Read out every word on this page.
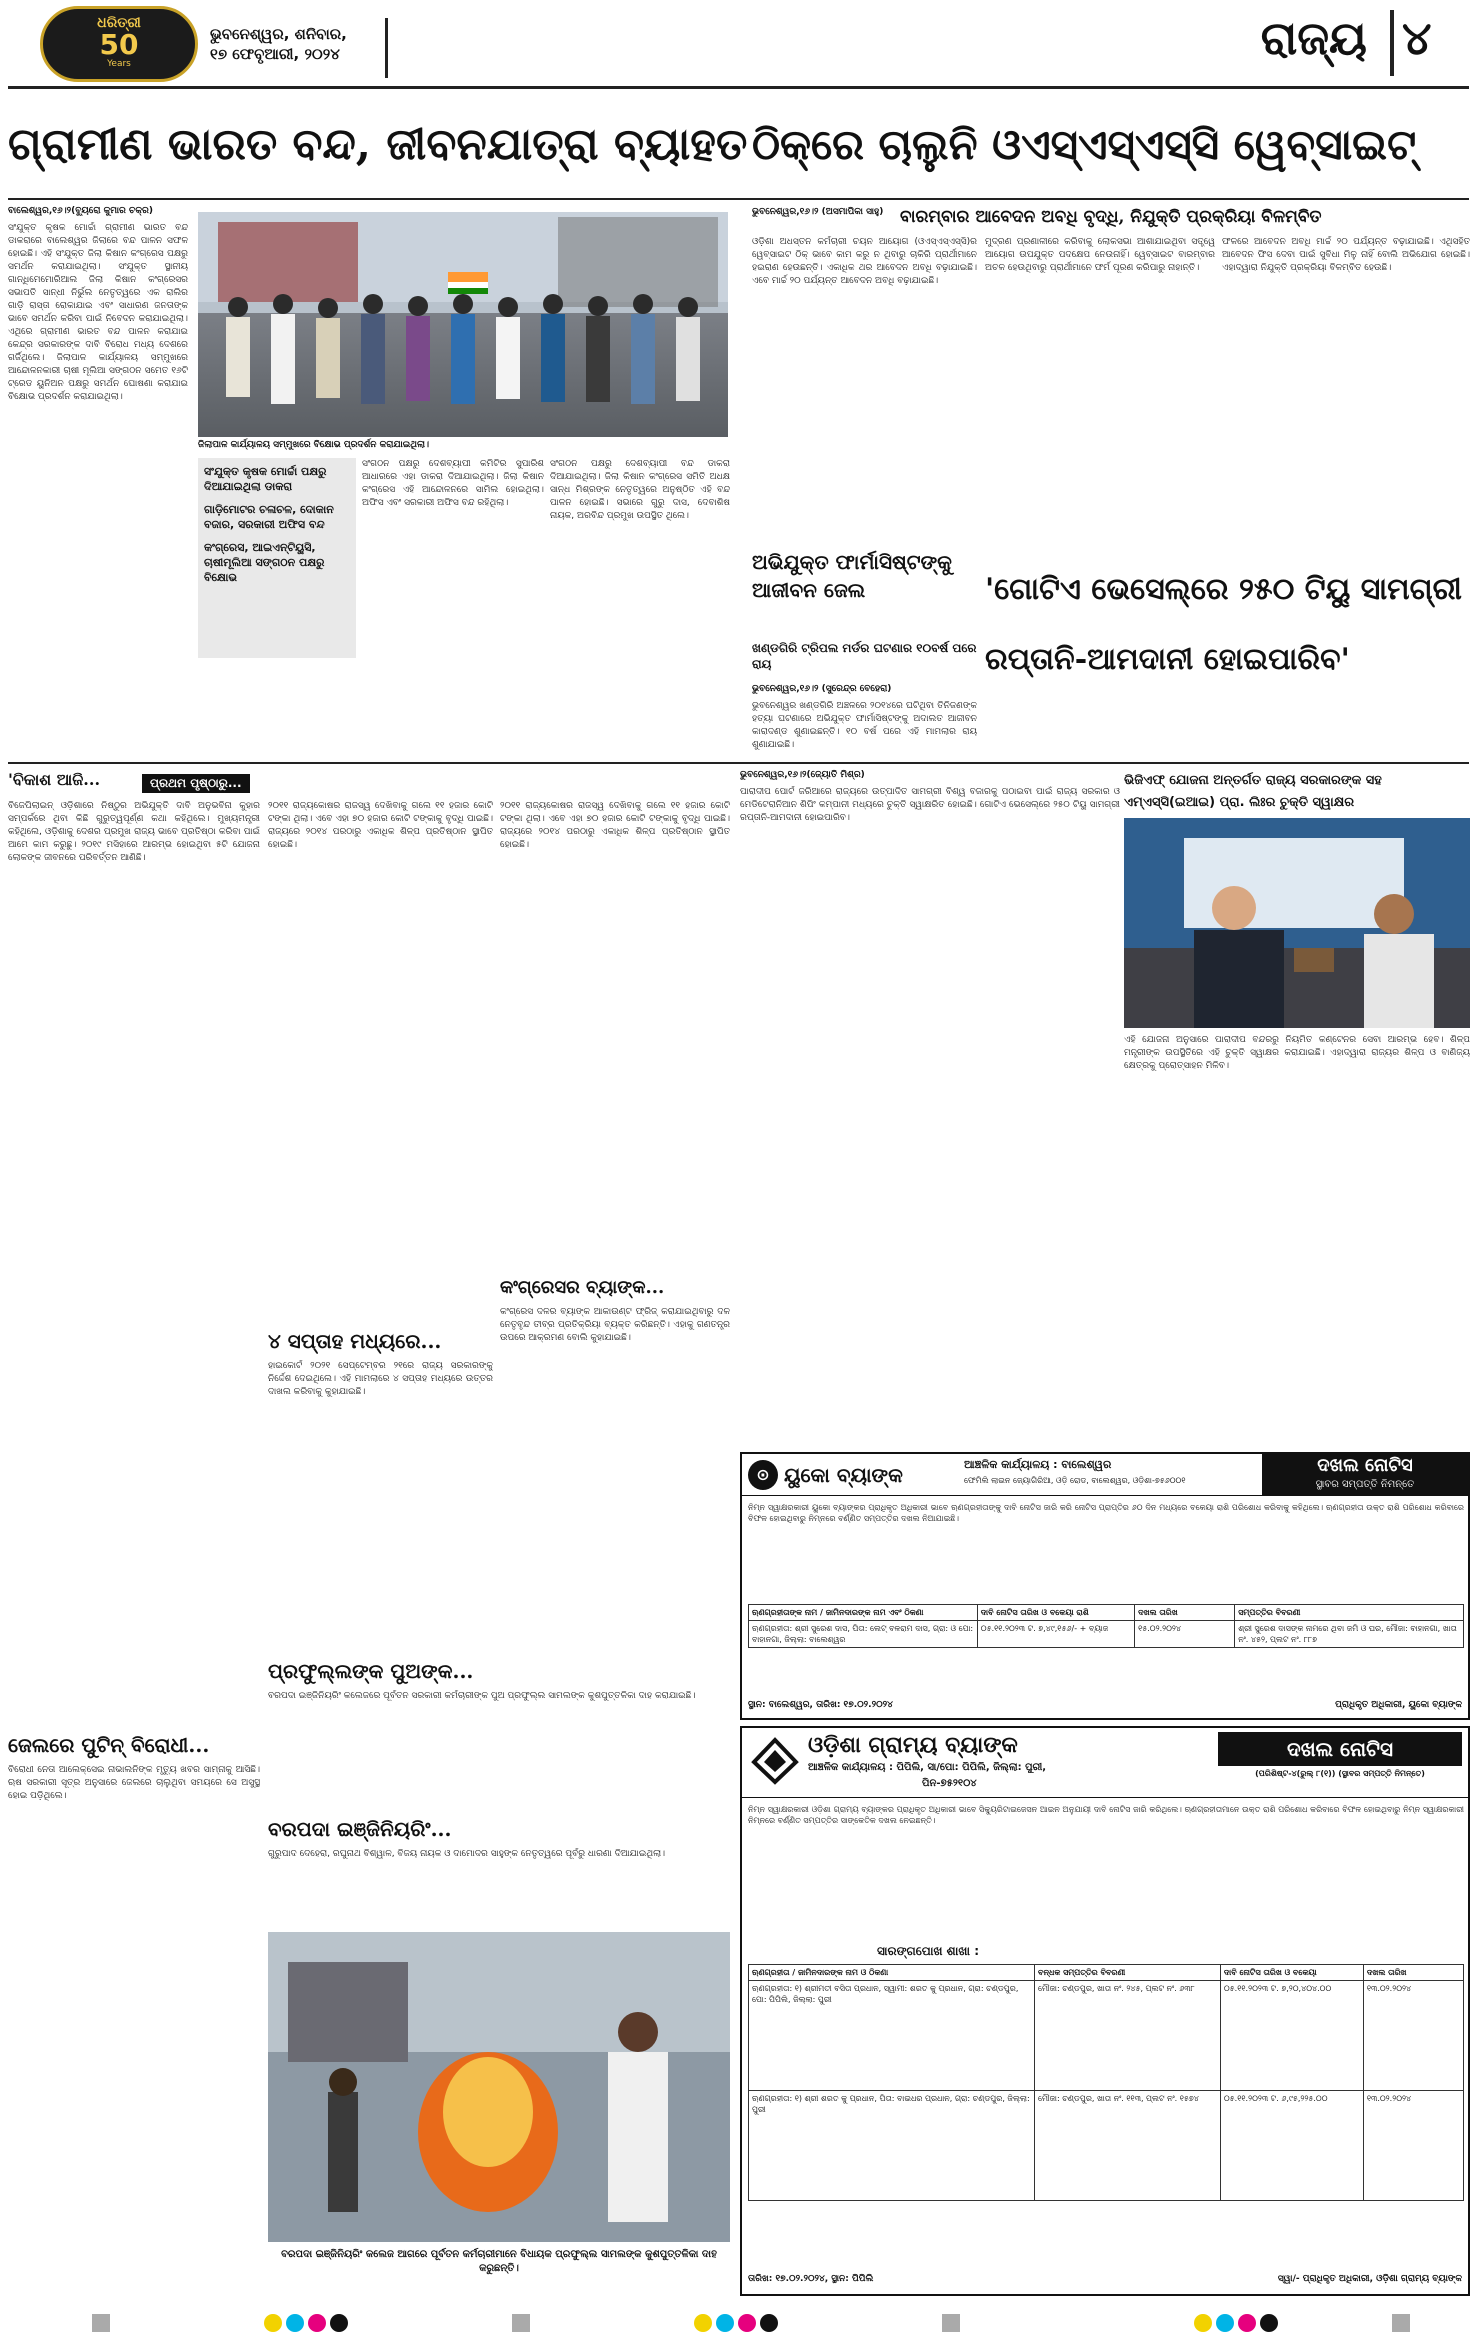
ଧରିତ୍ରୀ
50
Years
ଭୁବନେଶ୍ୱର, ଶନିବାର,
୧୭ ଫେବୃଆରୀ, ୨୦୨୪	ରାଜ୍ୟ ୪
ଗ୍ରାମୀଣ ଭାରତ ବନ୍ଦ, ଜୀବନଯାତ୍ରା ବ୍ୟାହତ ଠିକ୍‌ରେ ଚାଲୁନି ଓଏସ୍‌ଏସ୍‌ଏସ୍‌ସି ୱେବ୍‌ସାଇଟ୍
ବାଲେଶ୍ୱର,୧୬।୨(ବ୍ୟୁରୋ କୁମାର ଚକ୍ର)
ସଂଯୁକ୍ତ କୃଷକ ମୋର୍ଚ୍ଚା ଗ୍ରାମୀଣ ଭାରତ ବନ୍ଦ ଡାକରାରେ ବାଲେଶ୍ୱର ଜିଲାରେ ବନ୍ଦ ପାଳନ ସଫଳ ହୋଇଛି। ଏହି ସଂଯୁକ୍ତ ଜିଲା କିଷାନ କଂଗ୍ରେସ ପକ୍ଷରୁ ସମର୍ଥନ କରାଯାଇଥିଲା। ସଂଯୁକ୍ତ ସ୍ଥାନୀୟ ଗାନ୍ଧିମେମୋରିଆଲ ଜିଲା କିଷାନ କଂଗ୍ରେସର ସଭାପତି ସାନ୍ଧୀ ନିର୍ଭୁଲ ନେତୃତ୍ୱରେ ଏକ ରାଲିର ଗାଡ଼ି ରାସ୍ତା ରୋକାଯାଇ ଏବଂ ସାଧାରଣ ଜନତାଙ୍କ ଭାବେ ସମର୍ଥନ କରିବା ପାଇଁ ନିବେଦନ କରାଯାଇଥିଲା। ଏଥିରେ ଗ୍ରାମୀଣ ଭାରତ ବନ୍ଦ ପାଳନ କରାଯାଇ କେନ୍ଦ୍ର ସରକାରଙ୍କ ଦାବି ବିରୋଧ ମଧ୍ୟ ଦେଶରେ ଗର୍ଜିଥିଲେ। ଜିଲାପାଳ କାର୍ଯ୍ୟାଳୟ ସମ୍ମୁଖରେ ଆନ୍ଦୋଳନକାରୀ ଚାଷୀ ମୂଲିଆ ସଙ୍ଗଠନ ସମେତ ୧୬ଟି ଟ୍ରେଡ ୟୁନିଅନ ପକ୍ଷରୁ ସମର୍ଥନ ଘୋଷଣା କରାଯାଇ ବିକ୍ଷୋଭ ପ୍ରଦର୍ଶନ କରାଯାଇଥିଲା।
ଜିଲାପାଳ କାର୍ଯ୍ୟାଳୟ ସମ୍ମୁଖରେ ବିକ୍ଷୋଭ ପ୍ରଦର୍ଶନ କରାଯାଇଥିଲା।
ସଂଯୁକ୍ତ କୃଷକ ମୋର୍ଚ୍ଚା ପକ୍ଷରୁ ଦିଆଯାଇଥିଲା ଡାକରା
ଗାଡ଼ିମୋଟର ଚଳାଚଳ, ଦୋକାନ ବଜାର, ସରକାରୀ ଅଫିସ ବନ୍ଦ
କଂଗ୍ରେସ, ଆଇଏନ୍‌ଟିୟୁସି, ଚାଷୀମୂଲିଆ ସଙ୍ଗଠନ ପକ୍ଷରୁ ବିକ୍ଷୋଭ
ସଂଗଠନ ପକ୍ଷରୁ ଦେଶବ୍ୟାପୀ କମିଟିର ସୁପାରିଶ ଆଧାରରେ ଏହା ଡାକରା ଦିଆଯାଇଥିଲା। ଜିଲା କିଷାନ କଂଗ୍ରେସ ଏହି ଆନ୍ଦୋଳନରେ ସାମିଲ ହୋଇଥିଲା। ଅଫିସ ଏବଂ ସରକାରୀ ଅଫିସ ବନ୍ଦ ରହିଥିଲା।
ସଂଗଠନ ପକ୍ଷରୁ ଦେଶବ୍ୟାପୀ ବନ୍ଦ ଡାକରା ଦିଆଯାଇଥିଲା। ଜିଲା କିଷାନ କଂଗ୍ରେସ ସମିତି ଅଧକ୍ଷ ସାନ୍ଧ ମିଶ୍ରଙ୍କ ନେତୃତ୍ୱରେ ଅନୁଷ୍ଠିତ ଏହି ବନ୍ଦ ପାଳନ ହୋଇଛି। ସଭାରେ ଗୁରୁ ଦାସ, ଦେବାଶିଷ ନାୟକ, ଅରବିନ୍ଦ ପ୍ରମୁଖ ଉପସ୍ଥିତ ଥିଲେ।
ଭୁବନେଶ୍ୱର,୧୬।୨ (ଅସମାପିକା ସାହୁ) ବାରମ୍ବାର ଆବେଦନ ଅବଧି ବୃଦ୍ଧି, ନିଯୁକ୍ତି ପ୍ରକ୍ରିୟା ବିଳମ୍ବିତ
ଓଡ଼ିଶା ଅଧସ୍ତନ କର୍ମଚାରୀ ଚୟନ ଆୟୋଗ (ଓଏସ୍‌ଏସ୍‌ଏସ୍‌ସି)ର ୱେବ୍‌ସାଇଟ ଠିକ୍ ଭାବେ କାମ କରୁ ନ ଥିବାରୁ ଚାକିରି ପ୍ରାର୍ଥୀମାନେ ହଇରାଣ ହେଉଛନ୍ତି। ଏକାଧିକ ଥର ଆବେଦନ ଅବଧି ବଢ଼ାଯାଇଛି। ଏବେ ମାର୍ଚ୍ଚ ୨୦ ପର୍ଯ୍ୟନ୍ତ ଆବେଦନ ଅବଧି ବଢ଼ାଯାଇଛି।
ମୁଦ୍ରଣ ପ୍ରଣାଳୀରେ କରିବାକୁ ଲୋକସଭା ଆଶାଯାଇଥିବା ସତ୍ତ୍ୱେ ଆୟୋଗ ଉପଯୁକ୍ତ ପଦକ୍ଷେପ ନେଉନାହିଁ। ୱେବ୍‌ସାଇଟ ବାରମ୍ବାର ଅଚଳ ହେଉଥିବାରୁ ପ୍ରାର୍ଥୀମାନେ ଫର୍ମ ପୂରଣ କରିପାରୁ ନାହାନ୍ତି।
ଫଳରେ ଆବେଦନ ଅବଧି ମାର୍ଚ୍ଚ ୨୦ ପର୍ଯ୍ୟନ୍ତ ବଢ଼ାଯାଇଛି। ଏଥିସହିତ ଆବେଦନ ଫିସ ଦେବା ପାଇଁ ସୁବିଧା ମିଳୁ ନାହିଁ ବୋଲି ଅଭିଯୋଗ ହୋଇଛି। ଏହାଦ୍ୱାରା ନିଯୁକ୍ତି ପ୍ରକ୍ରିୟା ବିଳମ୍ବିତ ହେଉଛି।
ଅଭିଯୁକ୍ତ ଫାର୍ମାସିଷ୍ଟଙ୍କୁ ଆଜୀବନ ଜେଲ
ଖଣ୍ଡଗିରି ଟ୍ରିପଲ ମର୍ଡର ଘଟଣାର ୧୦ବର୍ଷ ପରେ ରାୟ
ଭୁବନେଶ୍ୱର,୧୬।୨ (ସୁରେନ୍ଦ୍ର ବେହେରା)
ଭୁବନେଶ୍ୱର ଖଣ୍ଡଗିରି ଅଞ୍ଚଳରେ ୨୦୧୪ରେ ଘଟିଥିବା ତିନିଜଣଙ୍କ ହତ୍ୟା ଘଟଣାରେ ଅଭିଯୁକ୍ତ ଫାର୍ମାସିଷ୍ଟଙ୍କୁ ଅଦାଲତ ଆଜୀବନ କାରାଦଣ୍ଡ ଶୁଣାଇଛନ୍ତି। ୧୦ ବର୍ଷ ପରେ ଏହି ମାମଲାର ରାୟ ଶୁଣାଯାଇଛି।
'ଗୋଟିଏ ଭେସେଲ୍‌ରେ ୨୫୦ ଟିୟୁ ସାମଗ୍ରୀ
ରପ୍ତାନି-ଆମଦାନୀ ହୋଇପାରିବ'
'ବିକାଶ ଆଜି...	ପ୍ରଥମ ପୃଷ୍ଠାରୁ...
ବିଜେପିଲାଇନ୍ ଓଡ଼ିଶାରେ ନିଷ୍ଠୁର ଅଭିଯୁକ୍ତି ଦାବି ଅନୁଭବିନା କୁହାର ସମ୍ପର୍କରେ ଥିବା କିଛି ଗୁରୁତ୍ୱପୂର୍ଣ୍ଣ କଥା କହିଥିଲେ। ମୁଖ୍ୟମନ୍ତ୍ରୀ କହିଥିଲେ, ଓଡ଼ିଶାକୁ ଦେଶର ପ୍ରମୁଖ ରାଜ୍ୟ ଭାବେ ପ୍ରତିଷ୍ଠା କରିବା ପାଇଁ ଆମେ କାମ କରୁଛୁ। ୨୦୧୯ ମସିହାରେ ଆରମ୍ଭ ହୋଇଥିବା ୫ଟି ଯୋଜନା ଲୋକଙ୍କ ଜୀବନରେ ପରିବର୍ତ୍ତନ ଆଣିଛି।
ଜେଲରେ ପୁଟିନ୍ ବିରୋଧୀ...
ବିରୋଧୀ ନେତା ଆଲେକ୍ସେଇ ନାଭାଲନିଙ୍କ ମୃତ୍ୟୁ ଖବର ସାମ୍ନାକୁ ଆସିଛି। ଋଷ ସରକାରୀ ସୂତ୍ର ଅନୁସାରେ ଜେଲରେ ଚାଲୁଥିବା ସମୟରେ ସେ ଅସୁସ୍ଥ ହୋଇ ପଡ଼ିଥିଲେ।
୨୦୧୧ ରାଜ୍ୟକୋଷର ରାଜସ୍ୱ ଦେଖିବାକୁ ଗଲେ ୧୧ ହଜାର କୋଟି ଟଙ୍କା ଥିଲା। ଏବେ ଏହା ୭୦ ହଜାର କୋଟି ଟଙ୍କାକୁ ବୃଦ୍ଧି ପାଇଛି। ରାଜ୍ୟରେ ୨୦୧୪ ପରଠାରୁ ଏକାଧିକ ଶିଳ୍ପ ପ୍ରତିଷ୍ଠାନ ସ୍ଥାପିତ ହୋଇଛି।
୪ ସପ୍ତାହ ମଧ୍ୟରେ...
ହାଇକୋର୍ଟ ୨୦୨୧ ସେପ୍ଟେମ୍ବର ୨୧ରେ ରାଜ୍ୟ ସରକାରଙ୍କୁ ନିର୍ଦ୍ଦେଶ ଦେଇଥିଲେ। ଏହି ମାମଲାରେ ୪ ସପ୍ତାହ ମଧ୍ୟରେ ଉତ୍ତର ଦାଖଲ କରିବାକୁ କୁହାଯାଇଛି।
୨୦୧୧ ରାଜ୍ୟକୋଷର ରାଜସ୍ୱ ଦେଖିବାକୁ ଗଲେ ୧୧ ହଜାର କୋଟି ଟଙ୍କା ଥିଲା। ଏବେ ଏହା ୭୦ ହଜାର କୋଟି ଟଙ୍କାକୁ ବୃଦ୍ଧି ପାଇଛି। ରାଜ୍ୟରେ ୨୦୧୪ ପରଠାରୁ ଏକାଧିକ ଶିଳ୍ପ ପ୍ରତିଷ୍ଠାନ ସ୍ଥାପିତ ହୋଇଛି।
କଂଗ୍ରେସର ବ୍ୟାଙ୍କ...
କଂଗ୍ରେସ ଦଳର ବ୍ୟାଙ୍କ ଆକାଉଣ୍ଟ ଫ୍ରିଜ୍ କରାଯାଇଥିବାରୁ ଦଳ ନେତୃବୃନ୍ଦ ତୀବ୍ର ପ୍ରତିକ୍ରିୟା ବ୍ୟକ୍ତ କରିଛନ୍ତି। ଏହାକୁ ଗଣତନ୍ତ୍ର ଉପରେ ଆକ୍ରମଣ ବୋଲି କୁହାଯାଇଛି।
ପ୍ରଫୁଲ୍ଲଙ୍କ ପୁଅଙ୍କ...
ବରପଦା ଇଞ୍ଜିନିୟରିଂ କଲେଜରେ ପୂର୍ବତନ ସରକାରୀ କର୍ମଚାରୀଙ୍କ ପୁଅ ପ୍ରଫୁଲ୍ଲ ସାମଲଙ୍କ କୁଶପୁତ୍ତଳିକା ଦାହ କରାଯାଇଛି।
ବରପଦା ଇଞ୍ଜିନିୟରିଂ...
ଗୁରୁପାଦ ଦେହେରା, ରଘୁନାଥ ବିଶ୍ୱାଳ, ବିଜୟ ନାୟକ ଓ ଦାମୋଦର ସାହୁଙ୍କ ନେତୃତ୍ୱରେ ପୂର୍ବରୁ ଧାରଣା ଦିଆଯାଇଥିଲା।
ବରପଦା ଇଞ୍ଜିନିୟରିଂ କଲେଜ ଆଗରେ ପୂର୍ବତନ କର୍ମଚାରୀମାନେ ବିଧାୟକ ପ୍ରଫୁଲ୍ଲ ସାମଲଙ୍କ କୁଶପୁତ୍ତଳିକା ଦାହ କରୁଛନ୍ତି।
ଭୁବନେଶ୍ୱର,୧୬।୨(ଜ୍ୟୋତି ମିଶ୍ର)
ପାରାଦୀପ ପୋର୍ଟ ଜରିଆରେ ରାଜ୍ୟରେ ଉତ୍ପାଦିତ ସାମଗ୍ରୀ ବିଶ୍ୱ ବଜାରକୁ ପଠାଇବା ପାଇଁ ରାଜ୍ୟ ସରକାର ଓ ମେଡିଟେରାନିଆନ ଶିପିଂ କମ୍ପାନୀ ମଧ୍ୟରେ ଚୁକ୍ତି ସ୍ୱାକ୍ଷରିତ ହୋଇଛି। ଗୋଟିଏ ଭେସେଲ୍‌ରେ ୨୫୦ ଟିୟୁ ସାମଗ୍ରୀ ରପ୍ତାନି-ଆମଦାନୀ ହୋଇପାରିବ।
ଭିଜିଏଫ୍ ଯୋଜନା ଅନ୍ତର୍ଗତ ରାଜ୍ୟ ସରକାରଙ୍କ ସହ ଏମ୍‌ଏସ୍‌ସି(ଇଆଇ) ପ୍ରା. ଲିଃର ଚୁକ୍ତି ସ୍ୱାକ୍ଷର
ଏହି ଯୋଜନା ଅନୁସାରେ ପାରାଦୀପ ବନ୍ଦରରୁ ନିୟମିତ କଣ୍ଟେନର ସେବା ଆରମ୍ଭ ହେବ। ଶିଳ୍ପ ମନ୍ତ୍ରୀଙ୍କ ଉପସ୍ଥିତିରେ ଏହି ଚୁକ୍ତି ସ୍ୱାକ୍ଷର କରାଯାଇଛି। ଏହାଦ୍ୱାରା ରାଜ୍ୟର ଶିଳ୍ପ ଓ ବାଣିଜ୍ୟ କ୍ଷେତ୍ରକୁ ପ୍ରୋତ୍ସାହନ ମିଳିବ।
⊙ ୟୁକୋ ବ୍ୟାଙ୍କ	ଆଞ୍ଚଳିକ କାର୍ଯ୍ୟାଳୟ : ବାଲେଶ୍ୱର
ଫେମିଲି ଲାଇନ ଜ୍ୟୋଗିରିଆ, ଓଡ଼ି ରୋଡ, ବାଲେଶ୍ୱର, ଓଡ଼ିଶା-୭୫୬୦୦୧
ଦଖଲ ନୋଟିସ
ସ୍ଥାବର ସମ୍ପତ୍ତି ନିମନ୍ତେ
ନିମ୍ନ ସ୍ୱାକ୍ଷରକାରୀ ୟୁକୋ ବ୍ୟାଙ୍କର ପ୍ରାଧିକୃତ ଅଧିକାରୀ ଭାବେ ଋଣଗ୍ରହୀତାଙ୍କୁ ଦାବି ନୋଟିସ ଜାରି କରି ନୋଟିସ ପ୍ରାପ୍ତିର ୬୦ ଦିନ ମଧ୍ୟରେ ବକେୟା ରାଶି ପରିଶୋଧ କରିବାକୁ କହିଥିଲେ। ଋଣଗ୍ରହୀତା ଉକ୍ତ ରାଶି ପରିଶୋଧ କରିବାରେ ବିଫଳ ହୋଇଥିବାରୁ ନିମ୍ନରେ ବର୍ଣ୍ଣିତ ସମ୍ପତ୍ତିର ଦଖଲ ନିଆଯାଇଛି।
ଋଣଗ୍ରହୀତାଙ୍କ ନାମ / ଜାମିନଦାରଙ୍କ ନାମ ଏବଂ ଠିକଣା	ଦାବି ନୋଟିସ ତାରିଖ ଓ ବକେୟା ରାଶି	ଦଖଲ ତାରିଖ	ସମ୍ପତ୍ତିର ବିବରଣୀ
ଋଣଗ୍ରହୀତା: ଶ୍ରୀ ସୁରେଶ ଦାସ, ପିତା: ଲେଟ୍ ବଳରାମ ଦାସ, ଗ୍ରା: ଓ ପୋ: ବାହାନଗା, ଜିଲ୍ଲା: ବାଲେଶ୍ୱର	୦୫.୧୧.୨୦୨୩ ଟ. ୭,୪୯,୧୫୬/- + ବ୍ୟାଜ	୧୫.୦୨.୨୦୨୪	ଶ୍ରୀ ସୁରେଶ ଦାସଙ୍କ ନାମରେ ଥିବା ଜମି ଓ ଘର, ମୌଜା: ବାହାନଗା, ଖାତା ନଂ. ୪୫୨, ପ୍ଲଟ ନଂ. ୮୮୭
ସ୍ଥାନ: ବାଲେଶ୍ୱର, ତାରିଖ: ୧୭.୦୨.୨୦୨୪	ପ୍ରାଧିକୃତ ଅଧିକାରୀ, ୟୁକୋ ବ୍ୟାଙ୍କ
ଓଡ଼ିଶା ଗ୍ରାମ୍ୟ ବ୍ୟାଙ୍କ
ଆଞ୍ଚଳିକ କାର୍ଯ୍ୟାଳୟ : ପିପିଲି, ସା/ପୋ: ପିପିଲି, ଜିଲ୍ଲା: ପୁରୀ,
ପିନ-୭୫୨୧୦୪
ଦଖଲ ନୋଟିସ
(ପରିଶିଷ୍ଟ-୪(ରୁଲ୍ ୮(୧)) (ସ୍ଥାବର ସମ୍ପତ୍ତି ନିମନ୍ତେ)
ନିମ୍ନ ସ୍ୱାକ୍ଷରକାରୀ ଓଡ଼ିଶା ଗ୍ରାମ୍ୟ ବ୍ୟାଙ୍କର ପ୍ରାଧିକୃତ ଅଧିକାରୀ ଭାବେ ସିକ୍ୟୁରିଟାଇଜେସନ ଆଇନ ଅନୁଯାୟୀ ଦାବି ନୋଟିସ ଜାରି କରିଥିଲେ। ଋଣଗ୍ରହୀତାମାନେ ଉକ୍ତ ରାଶି ପରିଶୋଧ କରିବାରେ ବିଫଳ ହୋଇଥିବାରୁ ନିମ୍ନ ସ୍ୱାକ୍ଷରକାରୀ ନିମ୍ନରେ ବର୍ଣ୍ଣିତ ସମ୍ପତ୍ତିର ସାଙ୍କେତିକ ଦଖଲ ନେଇଛନ୍ତି।
ସାରଙ୍ଗପୋଖ ଶାଖା :
ଋଣଗ୍ରହୀତା / ଜାମିନଦାରଙ୍କ ନାମ ଓ ଠିକଣା	ବନ୍ଧକ ସମ୍ପତ୍ତିର ବିବରଣୀ	ଦାବି ନୋଟିସ ତାରିଖ ଓ ବକେୟା	ଦଖଲ ତାରିଖ
ଋଣଗ୍ରହୀତା: ୧) ଶ୍ରୀମତୀ ବସିତା ପ୍ରଧାନ, ସ୍ୱାମୀ: ଶରତ କୁ ପ୍ରଧାନ, ଗ୍ରା: ଚଣ୍ଡପୁର, ପୋ: ପିପିଲି, ଜିଲ୍ଲା: ପୁରୀ	ମୌଜା: ଚଣ୍ଡପୁର, ଖାତା ନଂ. ୨୪୫, ପ୍ଲଟ ନଂ. ୬୩୮	୦୫.୧୧.୨୦୨୩ ଟ. ୭,୨୦,୪୦୪.୦୦	୧୩.୦୨.୨୦୨୪
ଋଣଗ୍ରହୀତା: ୧) ଶ୍ରୀ ଶରତ କୁ ପ୍ରଧାନ, ପିତା: ବାଇଧର ପ୍ରଧାନ, ଗ୍ରା: ଚଣ୍ଡପୁର, ଜିଲ୍ଲା: ପୁରୀ	ମୌଜା: ଚଣ୍ଡପୁର, ଖାତା ନଂ. ୧୧୩, ପ୍ଲଟ ନଂ. ୧୫୭୪	୦୫.୧୧.୨୦୨୩ ଟ. ୬,୯୫,୨୨୫.୦୦	୧୩.୦୨.୨୦୨୪
ତାରିଖ: ୧୭.୦୨.୨୦୨୪, ସ୍ଥାନ: ପିପିଲି	ସ୍ୱା/- ପ୍ରାଧିକୃତ ଅଧିକାରୀ, ଓଡ଼ିଶା ଗ୍ରାମ୍ୟ ବ୍ୟାଙ୍କ
